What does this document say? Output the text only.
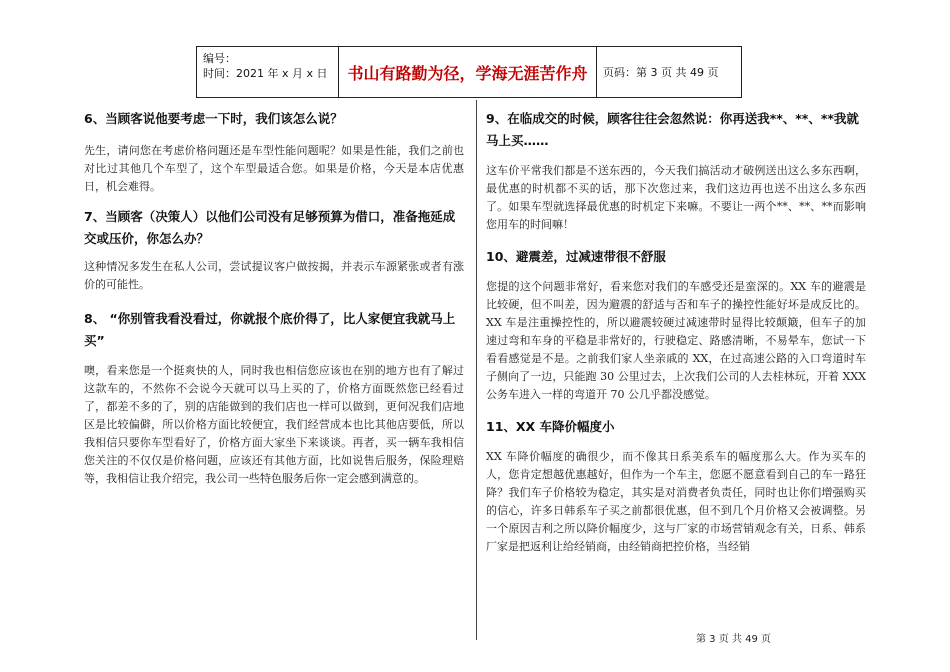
编号：
时间：2021 年 x 月 x 日	书山有路勤为径，学海无涯苦作舟	页码：第 3 页 共 49 页
6、当顾客说他要考虑一下时，我们该怎么说？

先生，请问您在考虑价格问题还是车型性能问题呢？如果是性能，我们之前也对比过其他几个车型了，这个车型最适合您。如果是价格，今天是本店优惠日，机会难得。

7、当顾客（决策人）以他们公司没有足够预算为借口，准备拖延成交或压价，你怎么办？

这种情况多发生在私人公司，尝试提议客户做按揭，并表示车源紧张或者有涨价的可能性。

8、 “你别管我看没看过，你就报个底价得了，比人家便宜我就马上买”

噢，看来您是一个挺爽快的人，同时我也相信您应该也在别的地方也有了解过这款车的，不然你不会说今天就可以马上买的了，价格方面既然您已经看过了，都差不多的了，别的店能做到的我们店也一样可以做到，更何况我们店地区是比较偏僻，所以价格方面比较便宜，我们经营成本也比其他店要低，所以我相信只要你车型看好了，价格方面大家坐下来谈谈。再者，买一辆车我相信您关注的不仅仅是价格问题，应该还有其他方面，比如说售后服务，保险理赔等，我相信让我介绍完，我公司一些特色服务后你一定会感到满意的。

9、在临成交的时候，顾客往往会忽然说：你再送我**、**、**我就马上买……

这车价平常我们都是不送东西的，今天我们搞活动才破例送出这么多东西啊，最优惠的时机都不买的话，那下次您过来，我们这边再也送不出这么多东西了。如果车型就选择最优惠的时机定下来嘛。不要让一两个**、**、**而影响您用车的时间嘛！

10、避震差，过减速带很不舒服

您提的这个问题非常好，看来您对我们的车感受还是蛮深的。XX 车的避震是比较硬，但不叫差，因为避震的舒适与否和车子的操控性能好坏是成反比的。XX 车是注重操控性的，所以避震较硬过减速带时显得比较颠簸，但车子的加速过弯和车身的平稳是非常好的，行驶稳定、路感清晰，不易晕车，您试一下看看感觉是不是。之前我们家人坐亲戚的 XX，在过高速公路的入口弯道时车子侧向了一边，只能跑 30 公里过去，上次我们公司的人去桂林玩，开着 XXX 公务车进入一样的弯道开 70 公几乎都没感觉。

11、XX 车降价幅度小

XX 车降价幅度的确很少，而不像其日系美系车的幅度那么大。作为买车的人，您肯定想越优惠越好，但作为一个车主，您愿不愿意看到自己的车一路狂降？我们车子价格较为稳定，其实是对消费者负责任，同时也让你们增强购买的信心，许多日韩系车子买之前都很优惠，但不到几个月价格又会被调整。另一个原因吉利之所以降价幅度少，这与厂家的市场营销观念有关，日系、韩系厂家是把返利让给经销商，由经销商把控价格，当经销

第 3 页 共 49 页
